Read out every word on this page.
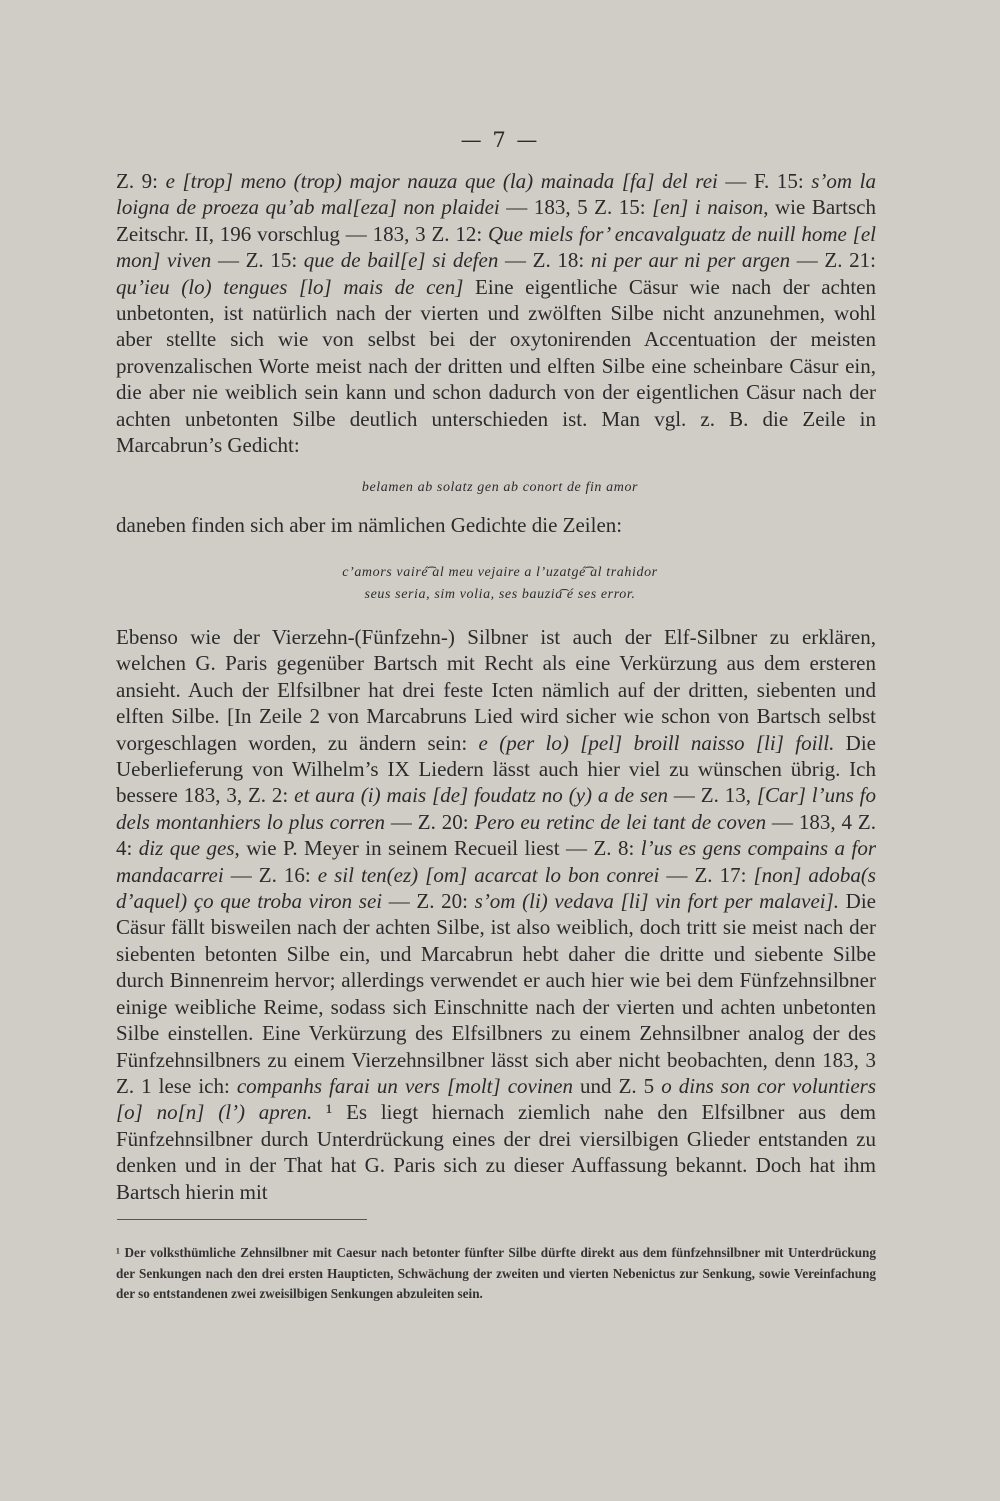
— 7 —

Z. 9: e [trop] meno (trop) major nauza que (la) mainada [fa] del rei — F. 15: s’om la loigna de proeza qu’ab mal[eza] non plaidei — 183, 5 Z. 15: [en] i naison, wie Bartsch Zeitschr. II, 196 vorschlug — 183, 3 Z. 12: Que miels for’ encavalguatz de nuill home [el mon] viven — Z. 15: que de bail[e] si defen — Z. 18: ni per aur ni per argen — Z. 21: qu’ieu (lo) tengues [lo] mais de cen] Eine eigentliche Cäsur wie nach der achten unbetonten, ist natürlich nach der vierten und zwölften Silbe nicht anzunehmen, wohl aber stellte sich wie von selbst bei der oxytonirenden Accentuation der meisten provenzalischen Worte meist nach der dritten und elften Silbe eine scheinbare Cäsur ein, die aber nie weiblich sein kann und schon dadurch von der eigentlichen Cäsur nach der achten unbetonten Silbe deutlich unterschieden ist. Man vgl. z. B. die Zeile in Marcabrun’s Gedicht:

belamen ab solatz gen ab conort de fin amor
daneben finden sich aber im nämlichen Gedichte die Zeilen:
c’amors vairé͡ al meu vejaire a l’uzatgé͡ al trahidor
seus seria, sim volia, ses bauzia͡ é ses error.

Ebenso wie der Vierzehn-(Fünfzehn-) Silbner ist auch der Elf-Silbner zu erklären, welchen G. Paris gegenüber Bartsch mit Recht als eine Verkürzung aus dem ersteren ansieht. Auch der Elfsilbner hat drei feste Icten nämlich auf der dritten, siebenten und elften Silbe. [In Zeile 2 von Marcabruns Lied wird sicher wie schon von Bartsch selbst vorgeschlagen worden, zu ändern sein: e (per lo) [pel] broill naisso [li] foill. Die Ueberlieferung von Wilhelm’s IX Liedern lässt auch hier viel zu wünschen übrig. Ich bessere 183, 3, Z. 2: et aura (i) mais [de] foudatz no (y) a de sen — Z. 13, [Car] l’uns fo dels montanhiers lo plus corren — Z. 20: Pero eu retinc de lei tant de coven — 183, 4 Z. 4: diz que ges, wie P. Meyer in seinem Recueil liest — Z. 8: l’us es gens compains a for mandacarrei — Z. 16: e sil ten(ez) [om] acarcat lo bon conrei — Z. 17: [non] adoba(s d’aquel) ço que troba viron sei — Z. 20: s’om (li) vedava [li] vin fort per malavei]. Die Cäsur fällt bisweilen nach der achten Silbe, ist also weiblich, doch tritt sie meist nach der siebenten betonten Silbe ein, und Marcabrun hebt daher die dritte und siebente Silbe durch Binnenreim hervor; allerdings verwendet er auch hier wie bei dem Fünfzehnsilbner einige weibliche Reime, sodass sich Einschnitte nach der vierten und achten unbetonten Silbe einstellen. Eine Verkürzung des Elfsilbners zu einem Zehnsilbner analog der des Fünfzehnsilbners zu einem Vierzehnsilbner lässt sich aber nicht beobachten, denn 183, 3 Z. 1 lese ich: companhs farai un vers [molt] covinen und Z. 5 o dins son cor voluntiers [o] no[n] (l’) apren. ¹ Es liegt hiernach ziemlich nahe den Elfsilbner aus dem Fünfzehnsilbner durch Unterdrückung eines der drei viersilbigen Glieder entstanden zu denken und in der That hat G. Paris sich zu dieser Auffassung bekannt. Doch hat ihm Bartsch hierin mit

¹ Der volksthümliche Zehnsilbner mit Caesur nach betonter fünfter Silbe dürfte direkt aus dem fünfzehnsilbner mit Unterdrückung der Senkungen nach den drei ersten Haupticten, Schwächung der zweiten und vierten Nebenictus zur Senkung, sowie Vereinfachung der so entstandenen zwei zweisilbigen Senkungen abzuleiten sein.
